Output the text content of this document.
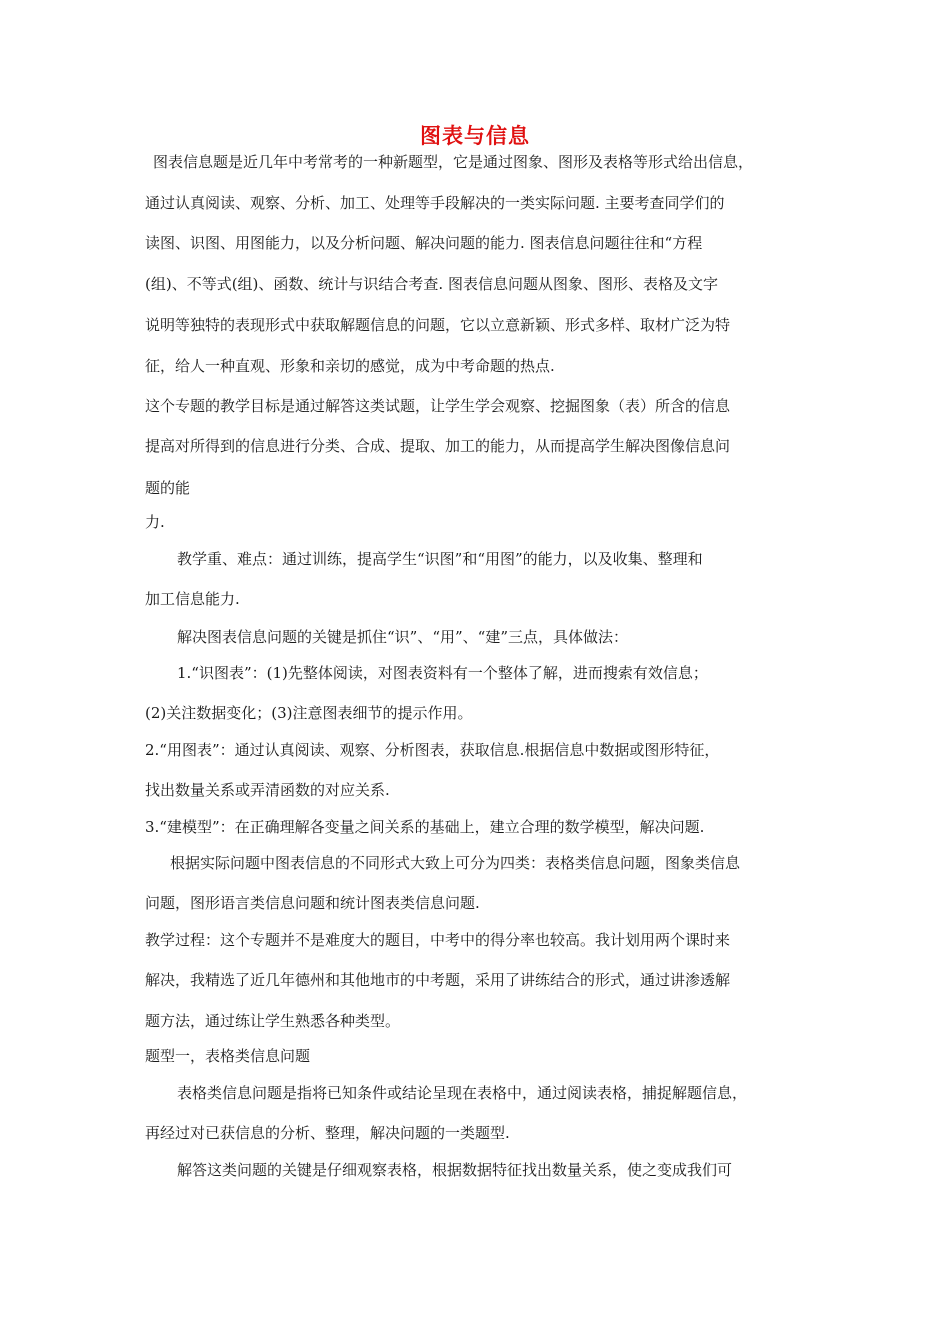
图表与信息
图表信息题是近几年中考常考的一种新题型，它是通过图象、图形及表格等形式给出信息，
通过认真阅读、观察、分析、加工、处理等手段解决的一类实际问题. 主要考查同学们的
读图、识图、用图能力，以及分析问题、解决问题的能力. 图表信息问题往往和“方程
(组)、不等式(组)、函数、统计与识结合考查. 图表信息问题从图象、图形、表格及文字
说明等独特的表现形式中获取解题信息的问题，它以立意新颖、形式多样、取材广泛为特
征，给人一种直观、形象和亲切的感觉，成为中考命题的热点.
这个专题的教学目标是通过解答这类试题，让学生学会观察、挖掘图象（表）所含的信息
提高对所得到的信息进行分类、合成、提取、加工的能力，从而提高学生解决图像信息问
题的能
力.
教学重、难点：通过训练，提高学生“识图”和“用图”的能力，以及收集、整理和
加工信息能力.
解决图表信息问题的关键是抓住“识”、“用”、“建”三点，具体做法：
1.“识图表”：(1)先整体阅读，对图表资料有一个整体了解，进而搜索有效信息；
(2)关注数据变化；(3)注意图表细节的提示作用。
2.“用图表”：通过认真阅读、观察、分析图表，获取信息.根据信息中数据或图形特征，
找出数量关系或弄清函数的对应关系.
3.“建模型”：在正确理解各变量之间关系的基础上，建立合理的数学模型，解决问题.
根据实际问题中图表信息的不同形式大致上可分为四类：表格类信息问题，图象类信息
问题，图形语言类信息问题和统计图表类信息问题.
教学过程：这个专题并不是难度大的题目，中考中的得分率也较高。我计划用两个课时来
解决，我精选了近几年德州和其他地市的中考题，采用了讲练结合的形式，通过讲渗透解
题方法，通过练让学生熟悉各种类型。
题型一，表格类信息问题
表格类信息问题是指将已知条件或结论呈现在表格中，通过阅读表格，捕捉解题信息，
再经过对已获信息的分析、整理，解决问题的一类题型.
解答这类问题的关键是仔细观察表格，根据数据特征找出数量关系，使之变成我们可
